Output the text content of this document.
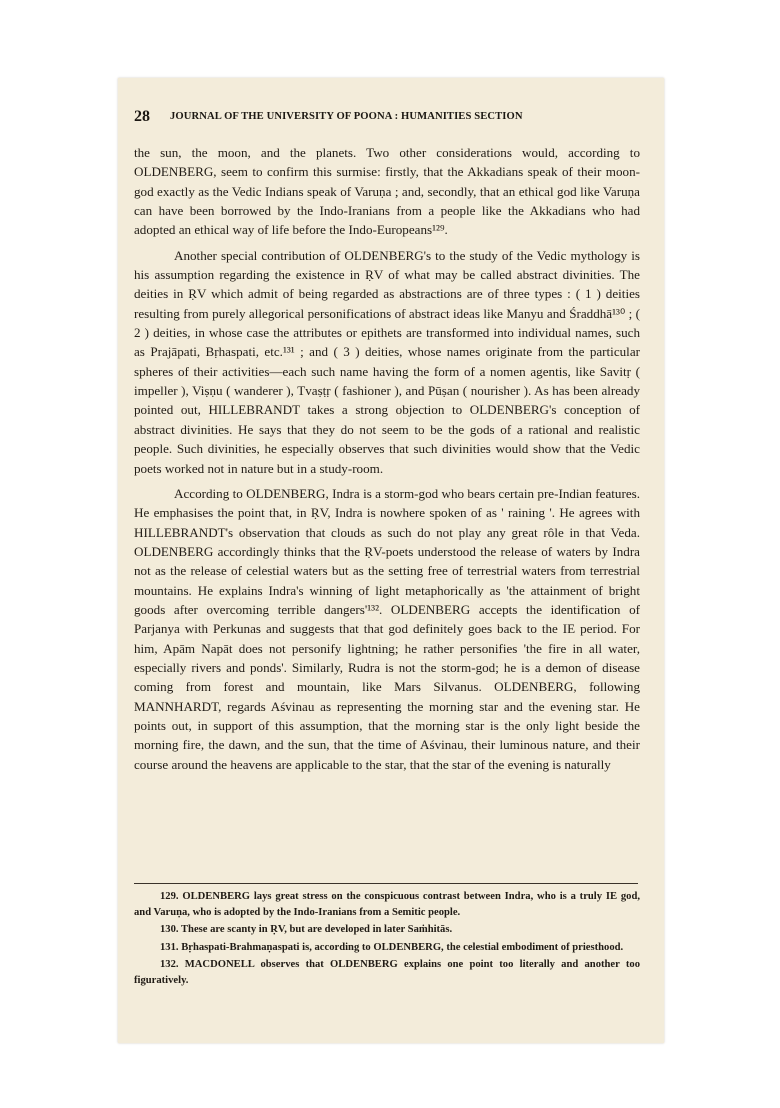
28 JOURNAL OF THE UNIVERSITY OF POONA : HUMANITIES SECTION

the sun, the moon, and the planets. Two other considerations would, according to OLDENBERG, seem to confirm this surmise: firstly, that the Akkadians speak of their moon-god exactly as the Vedic Indians speak of Varuṇa ; and, secondly, that an ethical god like Varuṇa can have been borrowed by the Indo-Iranians from a people like the Akkadians who had adopted an ethical way of life before the Indo-Europeans¹²⁹.

Another special contribution of OLDENBERG's to the study of the Vedic mythology is his assumption regarding the existence in ṚV of what may be called abstract divinities. The deities in ṚV which admit of being regarded as abstractions are of three types : ( 1 ) deities resulting from purely allegorical personifications of abstract ideas like Manyu and Śraddhā¹³⁰ ; ( 2 ) deities, in whose case the attributes or epithets are transformed into individual names, such as Prajāpati, Bṛhaspati, etc.¹³¹ ; and ( 3 ) deities, whose names originate from the particular spheres of their activities—each such name having the form of a nomen agentis, like Savitṛ ( impeller ), Viṣṇu ( wanderer ), Tvaṣṭṛ ( fashioner ), and Pūṣan ( nourisher ). As has been already pointed out, HILLEBRANDT takes a strong objection to OLDENBERG's conception of abstract divinities. He says that they do not seem to be the gods of a rational and realistic people. Such divinities, he especially observes that such divinities would show that the Vedic poets worked not in nature but in a study-room.

According to OLDENBERG, Indra is a storm-god who bears certain pre-Indian features. He emphasises the point that, in ṚV, Indra is nowhere spoken of as ' raining '. He agrees with HILLEBRANDT's observation that clouds as such do not play any great rôle in that Veda. OLDENBERG accordingly thinks that the ṚV-poets understood the release of waters by Indra not as the release of celestial waters but as the setting free of terrestrial waters from terrestrial mountains. He explains Indra's winning of light metaphorically as 'the attainment of bright goods after overcoming terrible dangers'¹³². OLDENBERG accepts the identification of Parjanya with Perkunas and suggests that that god definitely goes back to the IE period. For him, Apām Napāt does not personify lightning; he rather personifies 'the fire in all water, especially rivers and ponds'. Similarly, Rudra is not the storm-god; he is a demon of disease coming from forest and mountain, like Mars Silvanus. OLDENBERG, following MANNHARDT, regards Aśvinau as representing the morning star and the evening star. He points out, in support of this assumption, that the morning star is the only light beside the morning fire, the dawn, and the sun, that the time of Aśvinau, their luminous nature, and their course around the heavens are applicable to the star, that the star of the evening is naturally

129. OLDENBERG lays great stress on the conspicuous contrast between Indra, who is a truly IE god, and Varuṇa, who is adopted by the Indo-Iranians from a Semitic people.

130. These are scanty in ṚV, but are developed in later Saṁhitās.

131. Bṛhaspati-Brahmaṇaspati is, according to OLDENBERG, the celestial embodiment of priesthood.

132. MACDONELL observes that OLDENBERG explains one point too literally and another too figuratively.
